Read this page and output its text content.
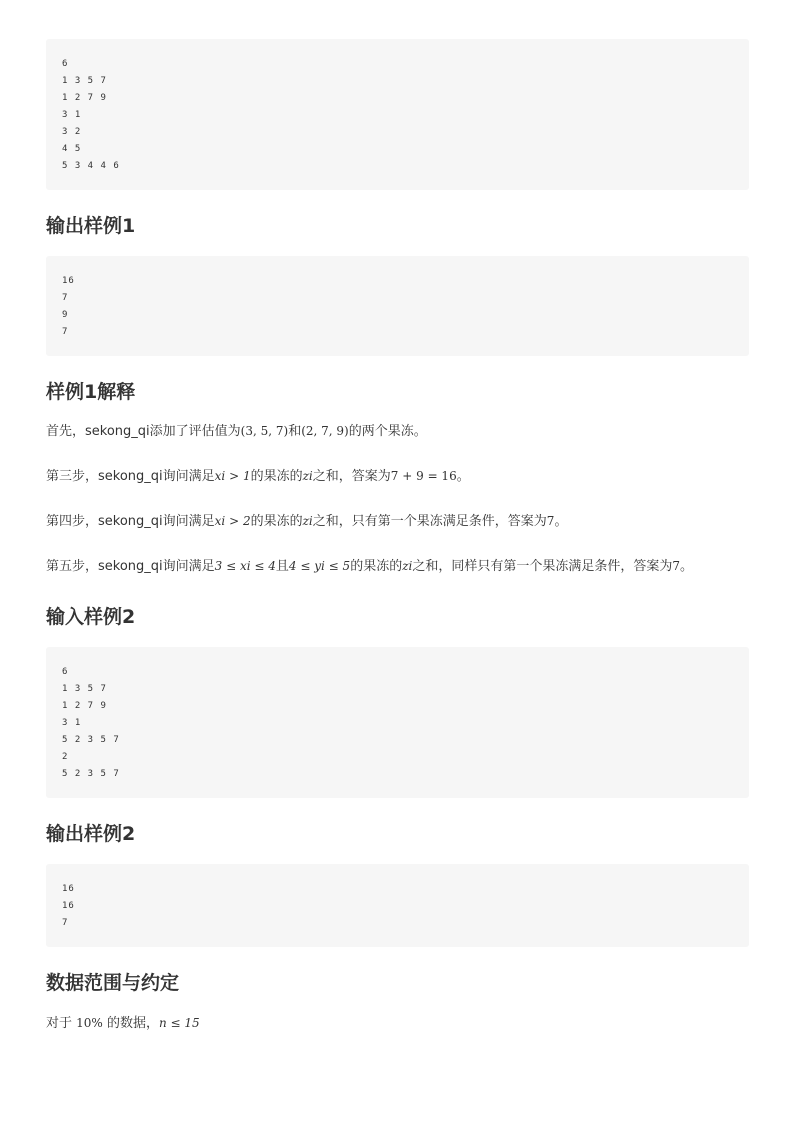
6
1 3 5 7
1 2 7 9
3 1
3 2
4 5
5 3 4 4 6
输出样例1
16
7
9
7
样例1解释

首先，sekong_qi添加了评估值为(3, 5, 7)和(2, 7, 9)的两个果冻。

第三步，sekong_qi询问满足xi > 1的果冻的zi之和，答案为7 + 9 = 16。

第四步，sekong_qi询问满足xi > 2的果冻的zi之和，只有第一个果冻满足条件，答案为7。

第五步，sekong_qi询问满足3 ≤ xi ≤ 4且4 ≤ yi ≤ 5的果冻的zi之和，同样只有第一个果冻满足条件，答案为7。

输入样例2
6
1 3 5 7
1 2 7 9
3 1
5 2 3 5 7
2
5 2 3 5 7
输出样例2
16
16
7
数据范围与约定

对于 10% 的数据，n ≤ 15
